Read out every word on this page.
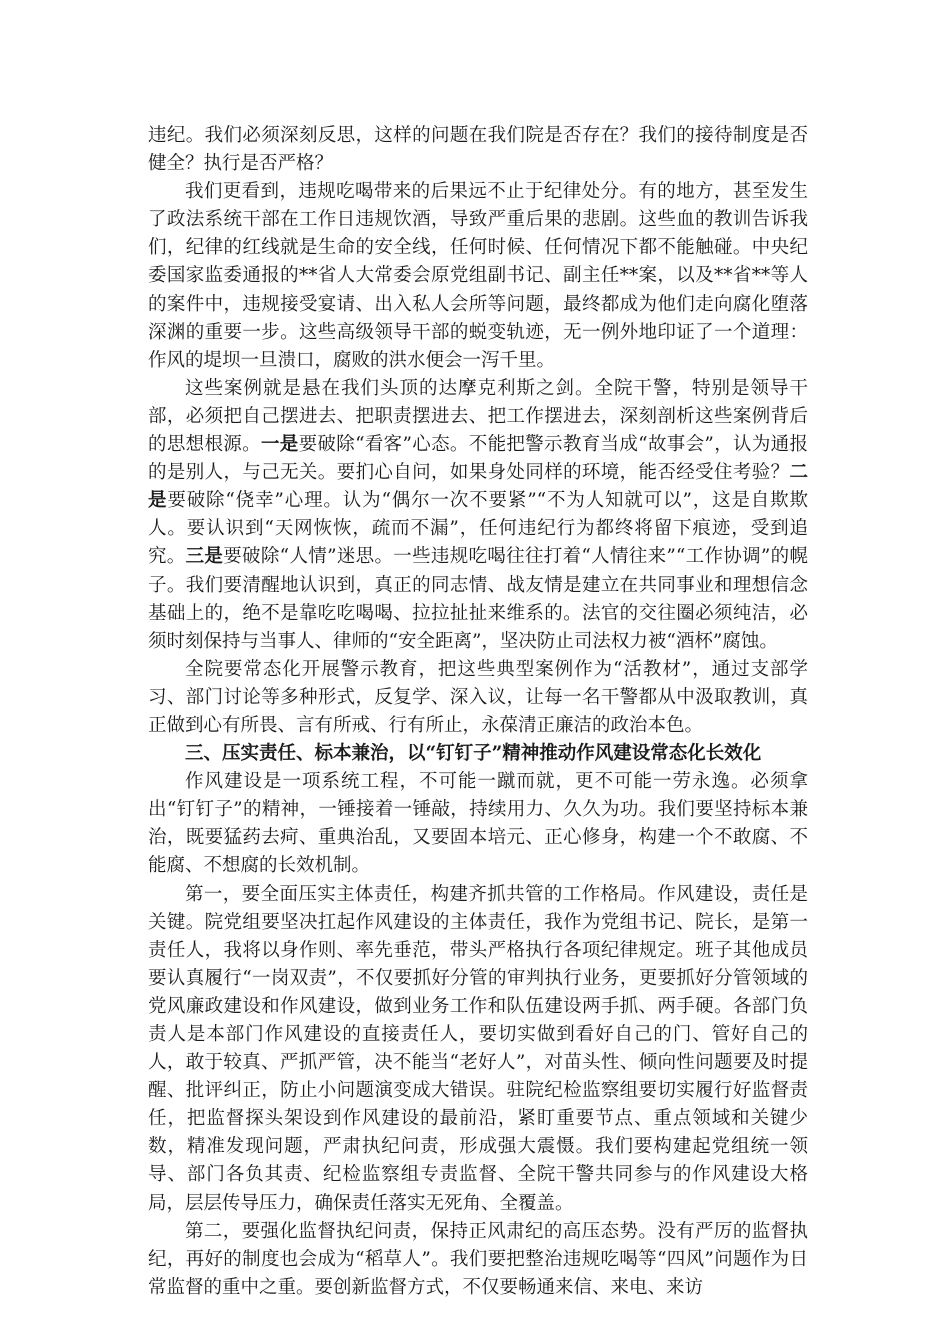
违纪。我们必须深刻反思，这样的问题在我们院是否存在？我们的接待制度是否健全？执行是否严格？

我们更看到，违规吃喝带来的后果远不止于纪律处分。有的地方，甚至发生了政法系统干部在工作日违规饮酒，导致严重后果的悲剧。这些血的教训告诉我们，纪律的红线就是生命的安全线，任何时候、任何情况下都不能触碰。中央纪委国家监委通报的**省人大常委会原党组副书记、副主任**案，以及**省**等人的案件中，违规接受宴请、出入私人会所等问题，最终都成为他们走向腐化堕落深渊的重要一步。这些高级领导干部的蜕变轨迹，无一例外地印证了一个道理：作风的堤坝一旦溃口，腐败的洪水便会一泻千里。

这些案例就是悬在我们头顶的达摩克利斯之剑。全院干警，特别是领导干部，必须把自己摆进去、把职责摆进去、把工作摆进去，深刻剖析这些案例背后的思想根源。一是要破除“看客”心态。不能把警示教育当成“故事会”，认为通报的是别人，与己无关。要扪心自问，如果身处同样的环境，能否经受住考验？二是要破除“侥幸”心理。认为“偶尔一次不要紧”“不为人知就可以”，这是自欺欺人。要认识到“天网恢恢，疏而不漏”，任何违纪行为都终将留下痕迹，受到追究。三是要破除“人情”迷思。一些违规吃喝往往打着“人情往来”“工作协调”的幌子。我们要清醒地认识到，真正的同志情、战友情是建立在共同事业和理想信念基础上的，绝不是靠吃吃喝喝、拉拉扯扯来维系的。法官的交往圈必须纯洁，必须时刻保持与当事人、律师的“安全距离”，坚决防止司法权力被“酒杯”腐蚀。

全院要常态化开展警示教育，把这些典型案例作为“活教材”，通过支部学习、部门讨论等多种形式，反复学、深入议，让每一名干警都从中汲取教训，真正做到心有所畏、言有所戒、行有所止，永葆清正廉洁的政治本色。

三、压实责任、标本兼治，以“钉钉子”精神推动作风建设常态化长效化

作风建设是一项系统工程，不可能一蹴而就，更不可能一劳永逸。必须拿出“钉钉子”的精神，一锤接着一锤敲，持续用力、久久为功。我们要坚持标本兼治，既要猛药去疴、重典治乱，又要固本培元、正心修身，构建一个不敢腐、不能腐、不想腐的长效机制。

第一，要全面压实主体责任，构建齐抓共管的工作格局。作风建设，责任是关键。院党组要坚决扛起作风建设的主体责任，我作为党组书记、院长，是第一责任人，我将以身作则、率先垂范，带头严格执行各项纪律规定。班子其他成员要认真履行“一岗双责”，不仅要抓好分管的审判执行业务，更要抓好分管领域的党风廉政建设和作风建设，做到业务工作和队伍建设两手抓、两手硬。各部门负责人是本部门作风建设的直接责任人，要切实做到看好自己的门、管好自己的人，敢于较真、严抓严管，决不能当“老好人”，对苗头性、倾向性问题要及时提醒、批评纠正，防止小问题演变成大错误。驻院纪检监察组要切实履行好监督责任，把监督探头架设到作风建设的最前沿，紧盯重要节点、重点领域和关键少数，精准发现问题，严肃执纪问责，形成强大震慑。我们要构建起党组统一领导、部门各负其责、纪检监察组专责监督、全院干警共同参与的作风建设大格局，层层传导压力，确保责任落实无死角、全覆盖。

第二，要强化监督执纪问责，保持正风肃纪的高压态势。没有严厉的监督执纪，再好的制度也会成为“稻草人”。我们要把整治违规吃喝等“四风”问题作为日常监督的重中之重。要创新监督方式，不仅要畅通来信、来电、来访
